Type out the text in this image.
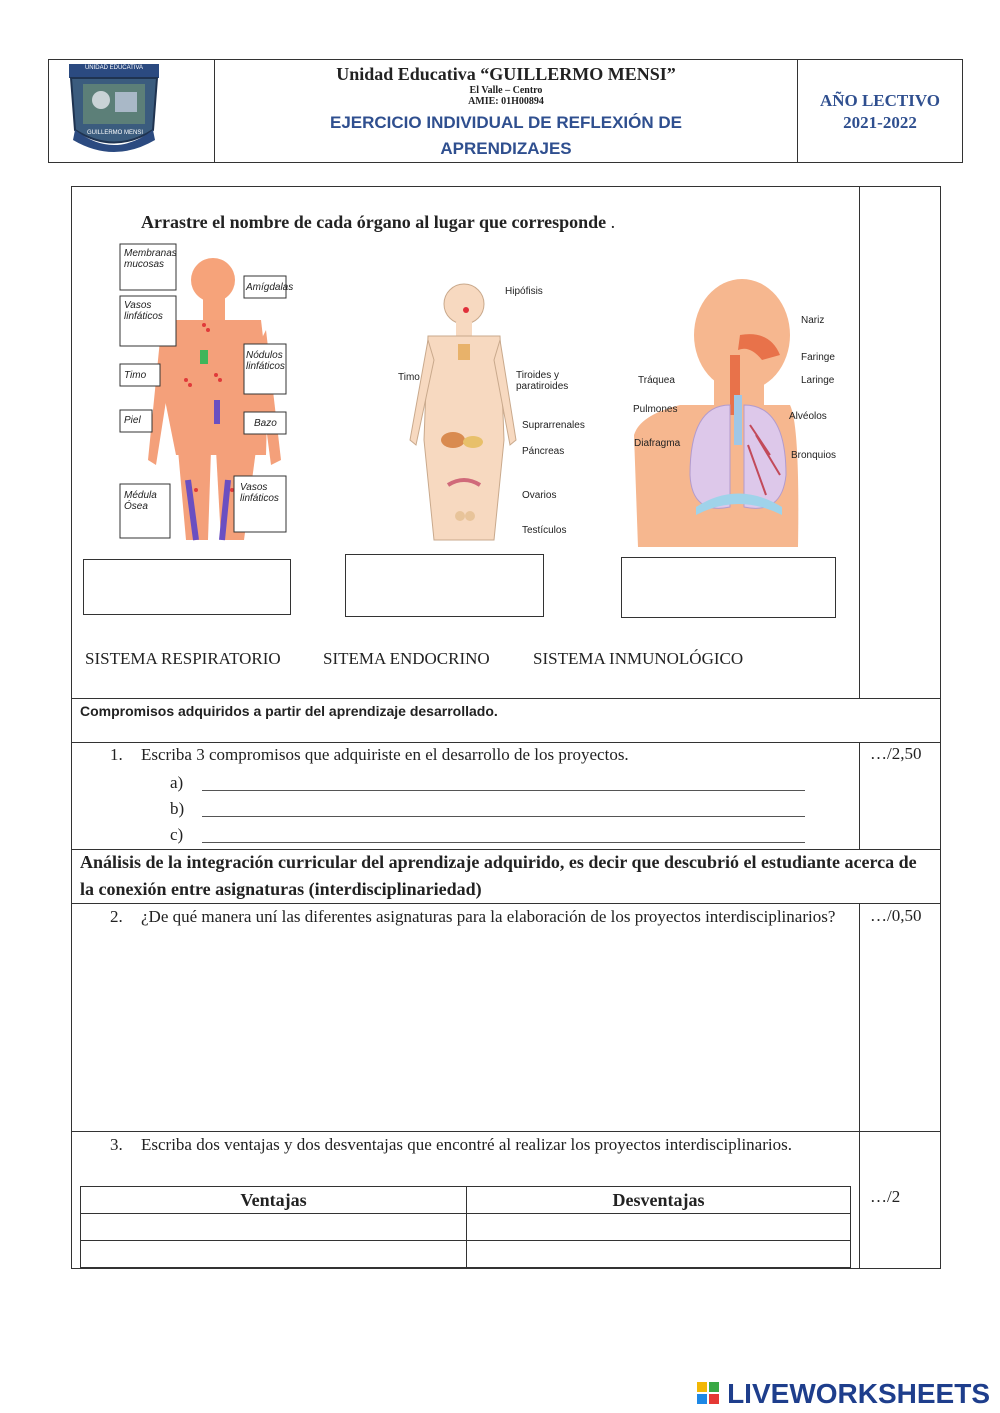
UNIDAD EDUCATIVA
GUILLERMO MENSI
Unidad Educativa “GUILLERMO MENSI”
El Valle – Centro
AMIE: 01H00894
EJERCICIO INDIVIDUAL DE REFLEXIÓN DE
APRENDIZAJES
AÑO LECTIVO
2021-2022
Arrastre el nombre de cada órgano al lugar que corresponde .
Membranas mucosas
Vasos linfáticos
Timo
Piel
Médula Ósea
Amígdalas
Nódulos linfáticos
Bazo
Vasos linfáticos
Hipófisis
Timo	Tiroides y paratiroides
Suprarrenales
Páncreas
Ovarios
Testículos
Nariz
Faringe
Laringe
Tráquea
Pulmones
Alvéolos
Diafragma
Bronquios
SISTEMA RESPIRATORIO SITEMA ENDOCRINO	SISTEMA INMUNOLÓGICO
Compromisos adquiridos a partir del aprendizaje desarrollado.
1. Escriba 3 compromisos que adquiriste en el desarrollo de los proyectos.	…/2,50
a)
b)
c)
Análisis de la integración curricular del aprendizaje adquirido, es decir que descubrió el estudiante acerca de la conexión entre asignaturas (interdisciplinariedad)
2. ¿De qué manera uní las diferentes asignaturas para la elaboración de los proyectos interdisciplinarios?	…/0,50
3. Escriba dos ventajas y dos desventajas que encontré al realizar los proyectos interdisciplinarios.
…/2
Ventajas	Desventajas

LIVEWORKSHEETS
